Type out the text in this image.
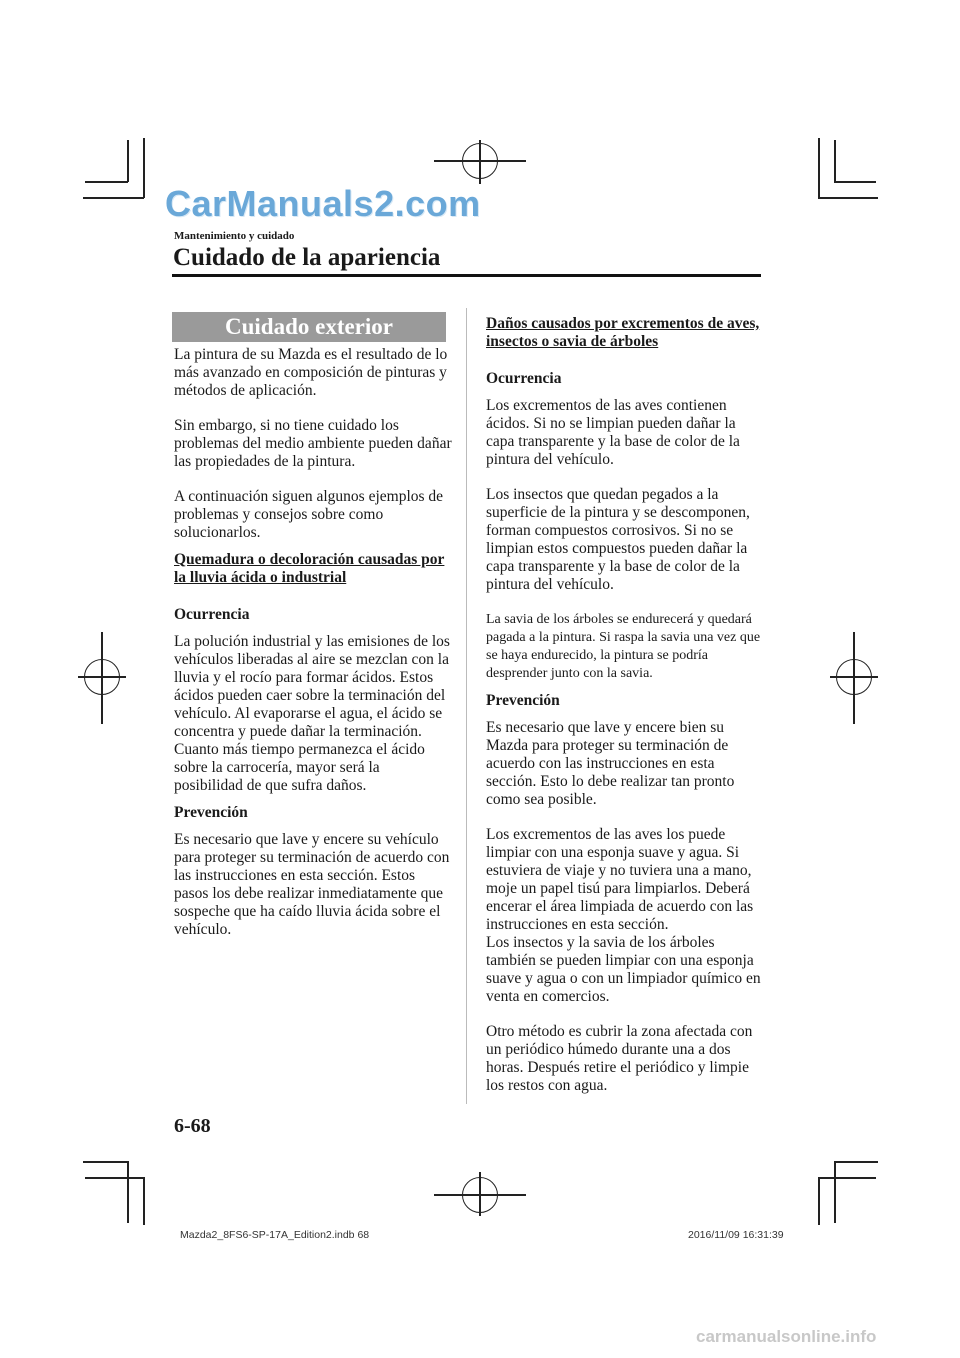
CarManuals2.com
Mantenimiento y cuidado
Cuidado de la apariencia
Cuidado exterior

La pintura de su Mazda es el resultado de lo más avanzado en composición de pinturas y métodos de aplicación.

Sin embargo, si no tiene cuidado los problemas del medio ambiente pueden dañar las propiedades de la pintura.

A continuación siguen algunos ejemplos de problemas y consejos sobre como solucionarlos.

Quemadura o decoloración causadas por la lluvia ácida o industrial

Ocurrencia

La polución industrial y las emisiones de los vehículos liberadas al aire se mezclan con la lluvia y el rocío para formar ácidos. Estos ácidos pueden caer sobre la terminación del vehículo. Al evaporarse el agua, el ácido se concentra y puede dañar la terminación.

Cuanto más tiempo permanezca el ácido sobre la carrocería, mayor será la posibilidad de que sufra daños.

Prevención

Es necesario que lave y encere su vehículo para proteger su terminación de acuerdo con las instrucciones en esta sección. Estos pasos los debe realizar inmediatamente que sospeche que ha caído lluvia ácida sobre el vehículo.

Daños causados por excrementos de aves, insectos o savia de árboles

Ocurrencia

Los excrementos de las aves contienen ácidos. Si no se limpian pueden dañar la capa transparente y la base de color de la pintura del vehículo.

Los insectos que quedan pegados a la superficie de la pintura y se descomponen, forman compuestos corrosivos. Si no se limpian estos compuestos pueden dañar la capa transparente y la base de color de la pintura del vehículo.

La savia de los árboles se endurecerá y quedará pagada a la pintura. Si raspa la savia una vez que se haya endurecido, la pintura se podría desprender junto con la savia.

Prevención

Es necesario que lave y encere bien su Mazda para proteger su terminación de acuerdo con las instrucciones en esta sección. Esto lo debe realizar tan pronto como sea posible.

Los excrementos de las aves los puede limpiar con una esponja suave y agua. Si estuviera de viaje y no tuviera una a mano, moje un papel tisú para limpiarlos. Deberá encerar el área limpiada de acuerdo con las instrucciones en esta sección.

Los insectos y la savia de los árboles también se pueden limpiar con una esponja suave y agua o con un limpiador químico en venta en comercios.

Otro método es cubrir la zona afectada con un periódico húmedo durante una a dos horas. Después retire el periódico y limpie los restos con agua.

6-68
Mazda2_8FS6-SP-17A_Edition2.indb 68	2016/11/09 16:31:39
carmanualsonline.info
